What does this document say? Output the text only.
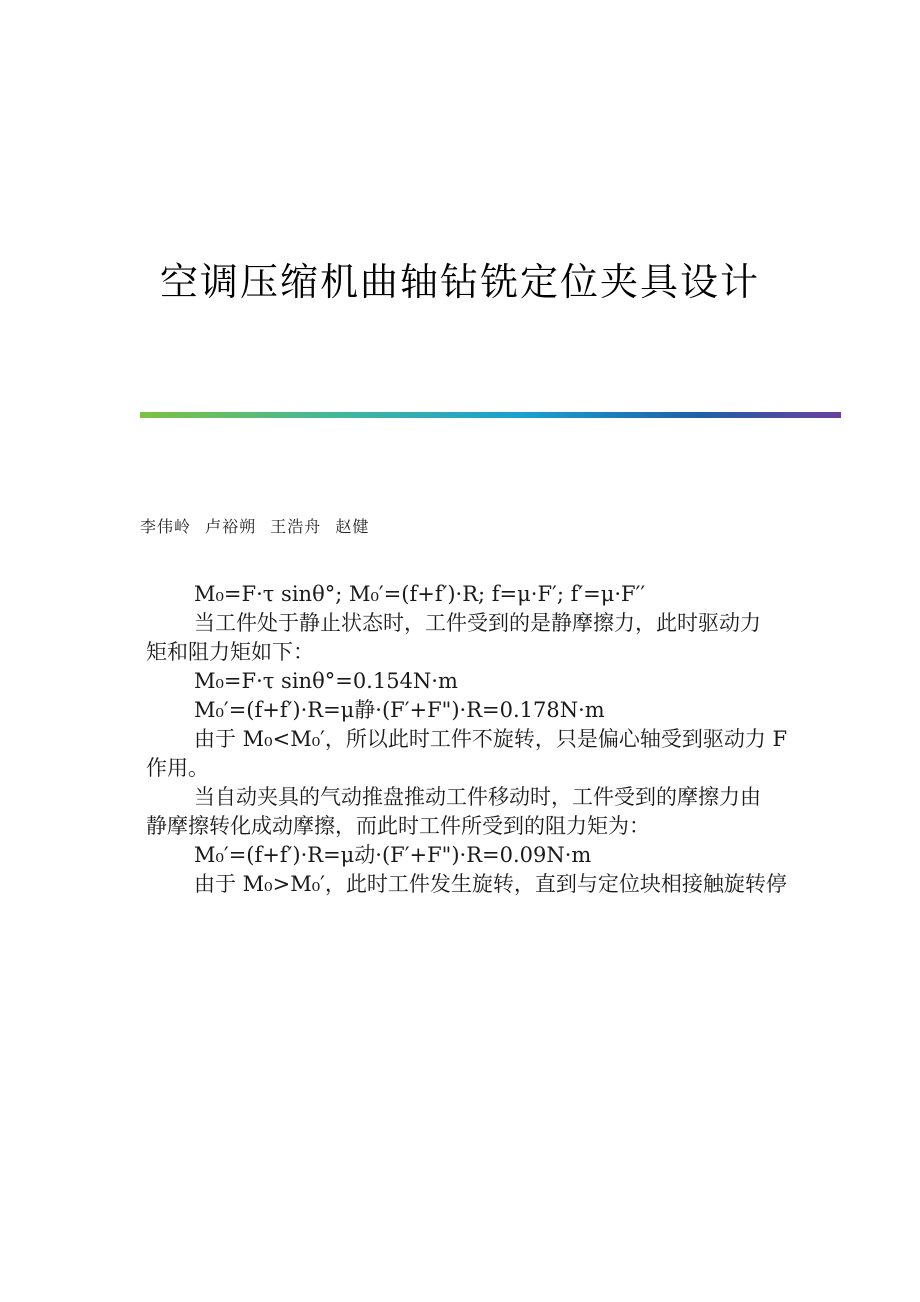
空调压缩机曲轴钻铣定位夹具设计
李伟岭 卢裕朔 王浩舟 赵健
M₀=F·τ sinθ°; M₀′=(f+f′)·R; f=μ·F′; f′=μ·F′′
当工件处于静止状态时，工件受到的是静摩擦力，此时驱动力
矩和阻力矩如下：
M₀=F·τ sinθ°=0.154N·m
M₀′=(f+f′)·R=μ静·(F′+F")·R=0.178N·m
由于 M₀<M₀′，所以此时工件不旋转，只是偏心轴受到驱动力 F
作用。
当自动夹具的气动推盘推动工件移动时，工件受到的摩擦力由
静摩擦转化成动摩擦，而此时工件所受到的阻力矩为：
M₀′=(f+f′)·R=μ动·(F′+F")·R=0.09N·m
由于 M₀>M₀′，此时工件发生旋转，直到与定位块相接触旋转停
